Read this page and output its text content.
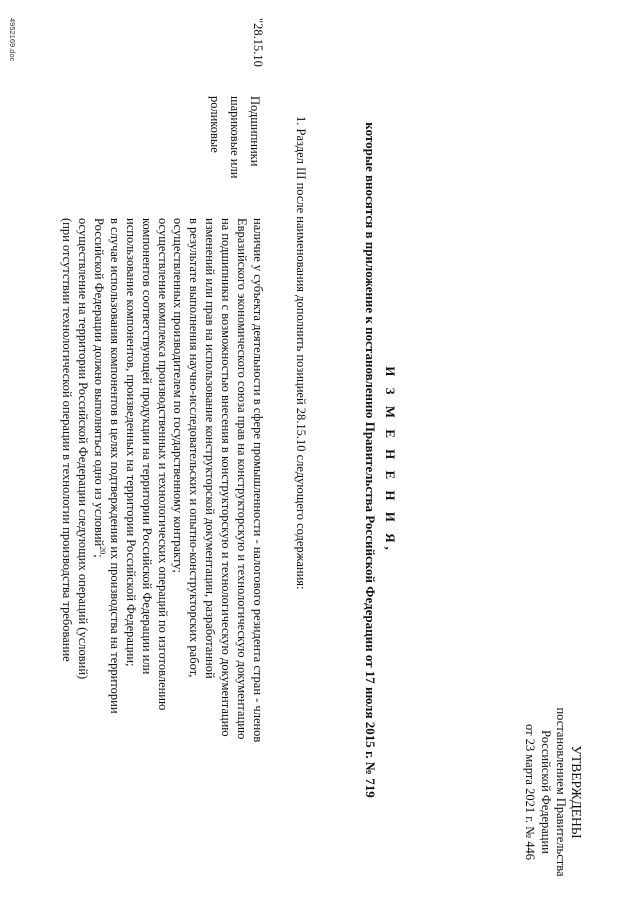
УТВЕРЖДЕНЫ
постановлением Правительства
Российской Федерации
от 23 марта 2021 г. № 446
И З М Е Н Е Н И Я,
которые вносятся в приложение к постановлению Правительства Российской Федерации от 17 июля 2015 г. № 719
1. Раздел III после наименования дополнить позицией 28.15.10 следующего содержания:
"28.15.10
Подшипники шариковые или роликовые
наличие у субъекта деятельности в сфере промышленности - налогового резидента стран - членов
Евразийского экономического союза прав на конструкторскую и технологическую документацию
на подшипники с возможностью внесения в конструкторскую и технологическую документацию
изменений или прав на использование конструкторской документации, разработанной
в результате выполнения научно-исследовательских и опытно-конструкторских работ,
осуществленных производителем по государственному контракту;
осуществление комплекса производственных и технологических операций по изготовлению
компонентов соответствующей продукции на территории Российской Федерации или
использование компонентов, произведенных на территории Российской Федерации;
в случае использования компонентов в целях подтверждения их производства на территории
Российской Федерации должно выполняться одно из условий$^{20}$;
осуществление на территории Российской Федерации следующих операций (условий)
(при отсутствии технологической операции в технологии производства требование
4952169.doc
